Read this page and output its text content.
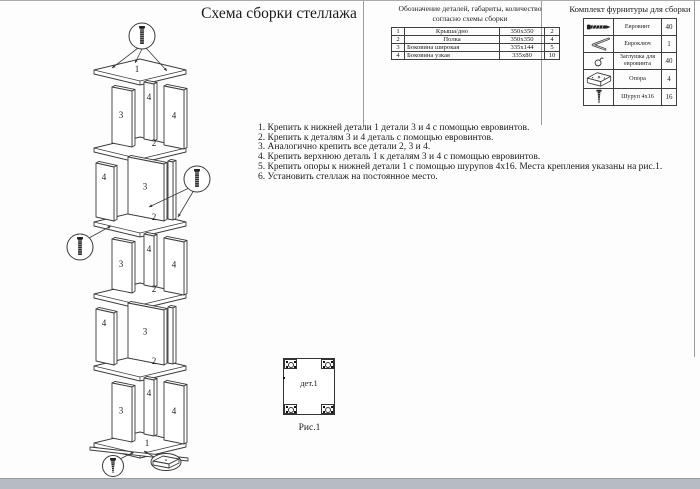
3
4
4
4
3
3
4
4
4
3
3
4
4
1
2
2
2
2
1
Схема сборки стеллажа	Обозначение деталей, габариты, количество
согласно схемы сборки
1	Крыша/дно	350х350	2
2	Полка	350х350	4
3	Боковина широкая	335х144	5
4	Боковина узкая	335х80	10
Комплект фурнитуры для сборки
	Евровинт	40

	Евроключ	1

	Заглушка для евровинта	40

	Опора	4

	Шуруп 4х16	16
1. Крепить к нижней детали 1 детали 3 и 4 с помощью евровинтов.
2. Крепить к деталям 3 и 4 деталь с помощью евровинтов.
3. Аналогично крепить все детали 2, 3 и 4.
4. Крепить верхнюю деталь 1 к деталям 3 и 4 с помощью евровинтов.
5. Крепить опоры к нижней детали 1 с помощью шурупов 4х16. Места крепления указаны на рис.1.
6. Установить стеллаж на постоянное место.
дет.1
Рис.1
